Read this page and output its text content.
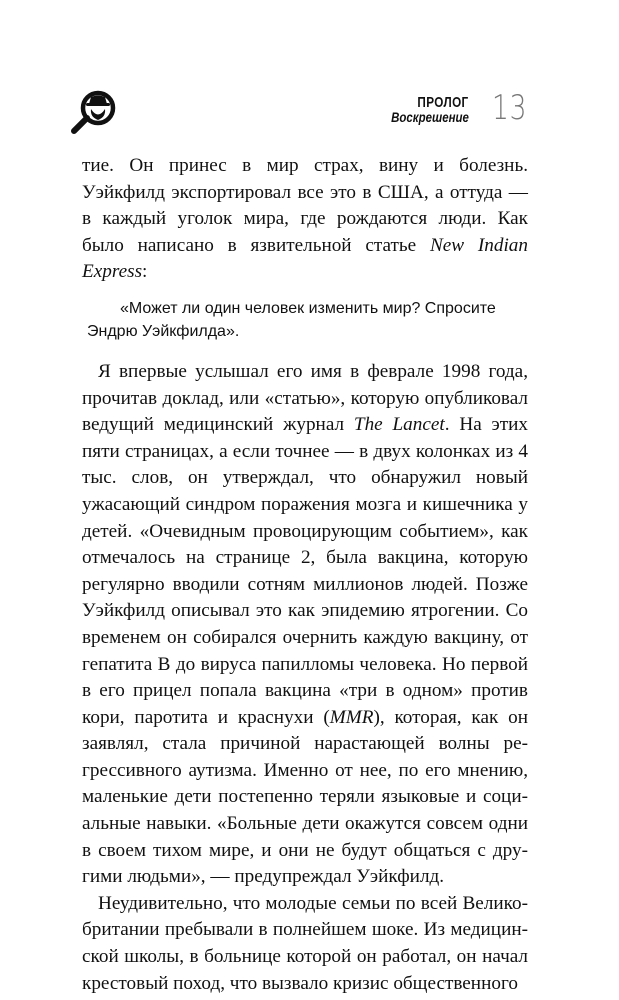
ПРОЛОГ
Воскрешение 13

тие. Он принес в мир страх, вину и болезнь. Уэйкфилд экспортировал все это в США, а оттуда — в каждый уголок мира, где рождаются люди. Как было написано в язвительной статье New Indian Express:

«Может ли один человек изменить мир? Спросите
Эндрю Уэйкфилда».

Я впервые услышал его имя в феврале 1998 года, прочитав доклад, или «статью», которую опубликовал ведущий медицинский журнал The Lancet. На этих пяти страницах, а если точнее — в двух колонках из 4 тыс. слов, он утверждал, что обнаружил новый ужасающий синдром поражения мозга и кишечника у детей. «Очевидным провоцирующим событием», как отмечалось на странице 2, была вакцина, которую регулярно вводили сотням миллионов людей. Позже Уэйкфилд описывал это как эпидемию ятрогении. Со временем он собирался очернить каждую вакцину, от гепатита В до вируса папилломы человека. Но первой в его прицел попала вакцина «три в одном» против кори, паротита и краснухи (MMR), которая, как он заявлял, стала причиной нарастающей волны регрессивного аутизма. Именно от нее, по его мнению, маленькие дети постепенно теряли языковые и социальные навыки. «Больные дети окажутся совсем одни в своем тихом мире, и они не будут общаться с другими людьми», — предупреждал Уэйкфилд.

Неудивительно, что молодые семьи по всей Великобритании пребывали в полнейшем шоке. Из медицинской школы, в больнице которой он работал, он начал крестовый поход, что вызвало кризис общественного
